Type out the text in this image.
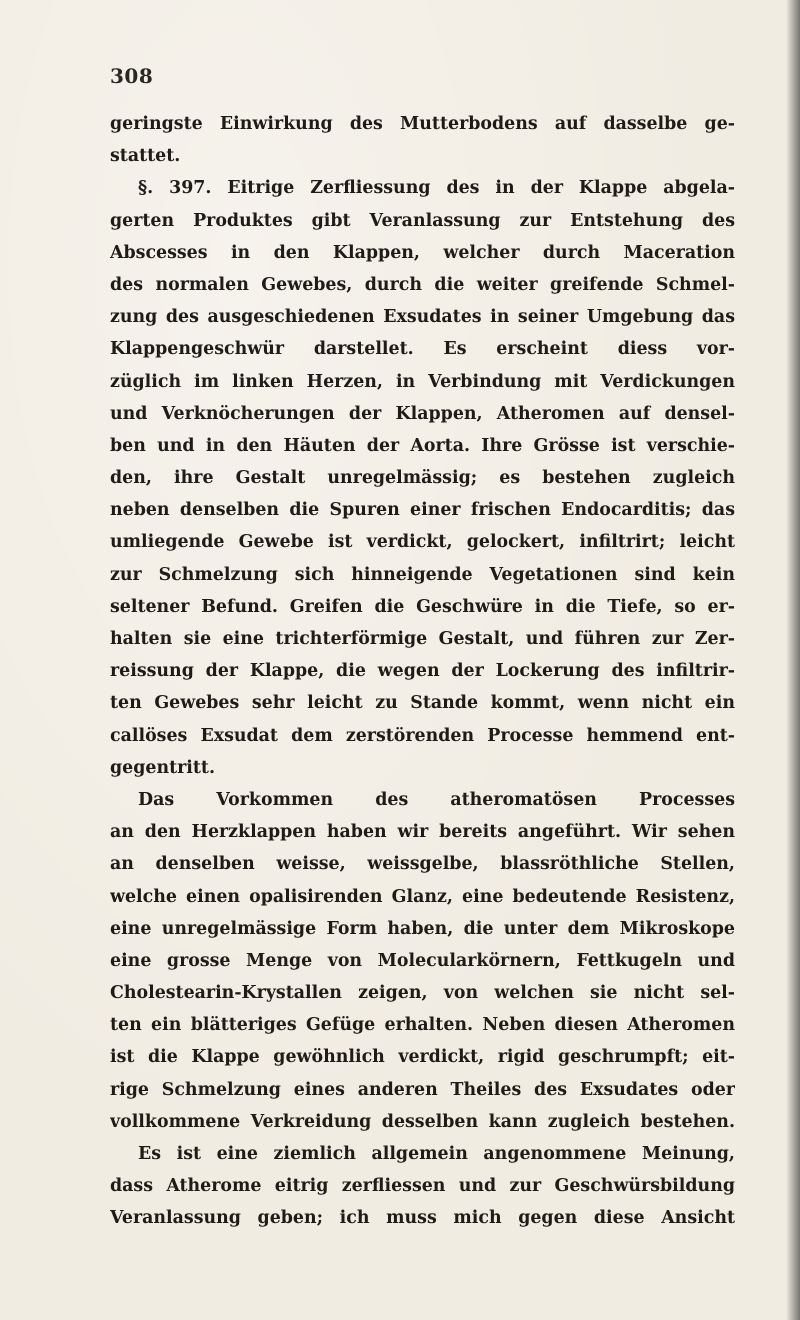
308
geringste Einwirkung des Mutterbodens auf dasselbe ge-
stattet.
§. 397. Eitrige Zerfliessung des in der Klappe abgela-
gerten Produktes gibt Veranlassung zur Entstehung des
Abscesses in den Klappen, welcher durch Maceration
des normalen Gewebes, durch die weiter greifende Schmel-
zung des ausgeschiedenen Exsudates in seiner Umgebung das
Klappengeschwür darstellet. Es erscheint diess vor-
züglich im linken Herzen, in Verbindung mit Verdickungen
und Verknöcherungen der Klappen, Atheromen auf densel-
ben und in den Häuten der Aorta. Ihre Grösse ist verschie-
den, ihre Gestalt unregelmässig; es bestehen zugleich
neben denselben die Spuren einer frischen Endocarditis; das
umliegende Gewebe ist verdickt, gelockert, infiltrirt; leicht
zur Schmelzung sich hinneigende Vegetationen sind kein
seltener Befund. Greifen die Geschwüre in die Tiefe, so er-
halten sie eine trichterförmige Gestalt, und führen zur Zer-
reissung der Klappe, die wegen der Lockerung des infiltrir-
ten Gewebes sehr leicht zu Stande kommt, wenn nicht ein
callöses Exsudat dem zerstörenden Processe hemmend ent-
gegentritt.
Das Vorkommen des atheromatösen Processes
an den Herzklappen haben wir bereits angeführt. Wir sehen
an denselben weisse, weissgelbe, blassröthliche Stellen,
welche einen opalisirenden Glanz, eine bedeutende Resistenz,
eine unregelmässige Form haben, die unter dem Mikroskope
eine grosse Menge von Molecularkörnern, Fettkugeln und
Cholestearin-Krystallen zeigen, von welchen sie nicht sel-
ten ein blätteriges Gefüge erhalten. Neben diesen Atheromen
ist die Klappe gewöhnlich verdickt, rigid geschrumpft; eit-
rige Schmelzung eines anderen Theiles des Exsudates oder
vollkommene Verkreidung desselben kann zugleich bestehen.
Es ist eine ziemlich allgemein angenommene Meinung,
dass Atherome eitrig zerfliessen und zur Geschwürsbildung
Veranlassung geben; ich muss mich gegen diese Ansicht
